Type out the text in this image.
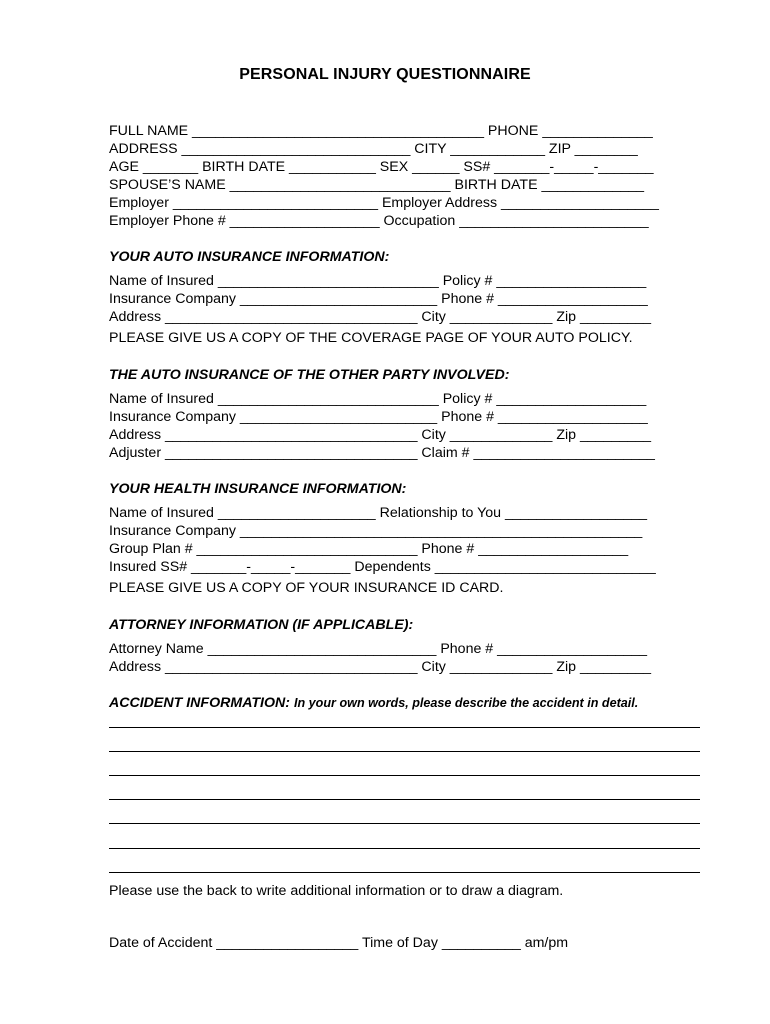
PERSONAL INJURY QUESTIONNAIRE
FULL NAME _____________________________________ PHONE ______________
ADDRESS _____________________________ CITY ____________ ZIP ________
AGE _______ BIRTH DATE ___________ SEX ______ SS# _______-_____-_______
SPOUSE’S NAME ____________________________ BIRTH DATE _____________
Employer __________________________ Employer Address ____________________
Employer Phone # ___________________ Occupation ________________________
YOUR AUTO INSURANCE INFORMATION:
Name of Insured ____________________________ Policy # ___________________
Insurance Company _________________________ Phone # ___________________
Address ________________________________ City _____________ Zip _________
PLEASE GIVE US A COPY OF THE COVERAGE PAGE OF YOUR AUTO POLICY.
THE AUTO INSURANCE OF THE OTHER PARTY INVOLVED:
Name of Insured ____________________________ Policy # ___________________
Insurance Company _________________________ Phone # ___________________
Address ________________________________ City _____________ Zip _________
Adjuster ________________________________ Claim # _______________________
YOUR HEALTH INSURANCE INFORMATION:
Name of Insured ____________________ Relationship to You __________________
Insurance Company ___________________________________________________
Group Plan # ____________________________ Phone # ___________________
Insured SS# _______-_____-_______ Dependents ____________________________
PLEASE GIVE US A COPY OF YOUR INSURANCE ID CARD.
ATTORNEY INFORMATION (IF APPLICABLE):
Attorney Name _____________________________ Phone # ___________________
Address ________________________________ City _____________ Zip _________
ACCIDENT INFORMATION: In your own words, please describe the accident in detail.
Please use the back to write additional information or to draw a diagram.
Date of Accident __________________ Time of Day __________ am/pm
